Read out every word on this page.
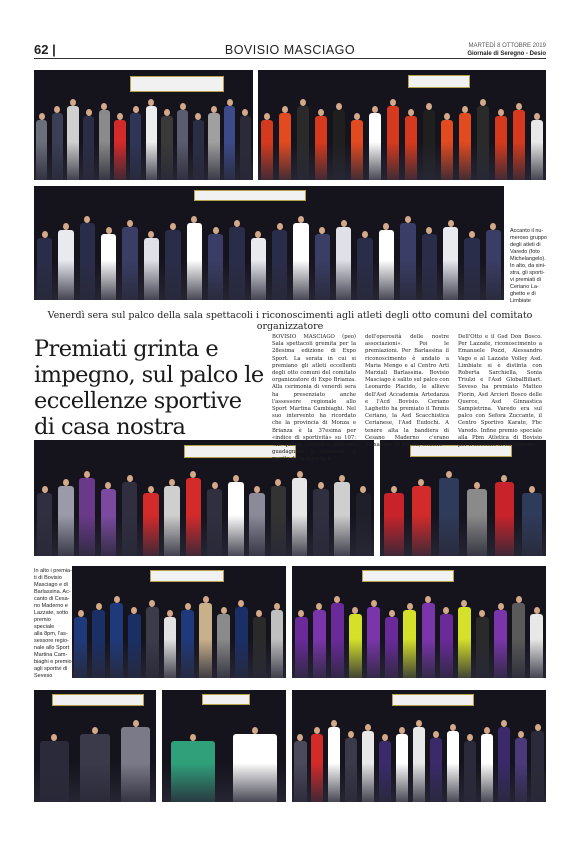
62 |	BOVISIO MASCIAGO	MARTEDÌ 8 OTTOBRE 2019
Giornale di Seregno - Desio
Accanto il nu-
meroso gruppo
degli atleti di
Varedo (foto
Michelangelo).
In alto, da sini-
stra, gli sporti-
vi premiati di
Ceriano La-
ghetto e di
Limbiate
In alto i premia-
ti di Bovisio
Masciago e di
Barlassina. Ac-
canto di Cesa-
no Maderno e
Lazzate, sotto
premio speciale
alla 8pm, l'as-
sessore regio-
nale allo Sport
Martina Cam-
biaghi e premio
agli sportivi di
Seveso
Venerdì sera sul palco della sala spettacoli i riconoscimenti agli atleti degli otto comuni del comitato organizzatore
Premiati grinta e impegno, sul palco le eccellenze sportive di casa nostra
BOVISIO MASCIAGO (peo) Sala spettacoli gremita per la 28esima edizione di Expo Sport. La serata in cui si premiano gli atleti eccellenti degli otto comuni del comitato organizzatore di Expo Brianza. Alla cerimonia di venerdì sera ha presenziato anche l'assessore regionale allo Sport Martina Cambiaghi. Nel suo intervento ha ricordato che la provincia di Monza e Brianza è la 37esima per «indice di sportività» su 107: «In questa classifica abbiamo guadagnato 9 posizioni, è merito della tenacia e
dell'operosità delle nostre associazioni». Poi le premiazioni. Per Barlassina il riconoscimento è andato a Maria Mengo e al Centro Arti Marziali Barlassina. Bovisio Masciago è salito sul palco con Leonardo Placido, le allieve dell'Asd Accademia Artedanza e l'Acd Bovisio. Ceriano Laghetto ha premiato il Tennis Ceriano, la Asd Scacchistica Cerianese, l'Asd Eudochi. A tenere alta la bandiera di Cesano Maderno c'erano Alexander Di Nicola, Simone
Dell'Otto e il Gsd Don Bosco. Per Lazzate, riconoscimento a Emanuele Pozzi, Alessandro Vago e al Lazzate Volley Asd. Limbiate si è distinta con Roberta Sarchiella, Sonia Triulzi e l'Asd GlobalBiliart. Seveso ha premiato Matteo Fiorin, Asd Arcieri Bosco delle Querce, Asd Ginnastica Sampietrina. Varedo era sul palco con Sefora Zuccante, il Centro Sportivo Karate, Fbc Varedo. Infine premio speciale alla Pbm Atletica di Bovisio per il 30esimo di fondazione.
